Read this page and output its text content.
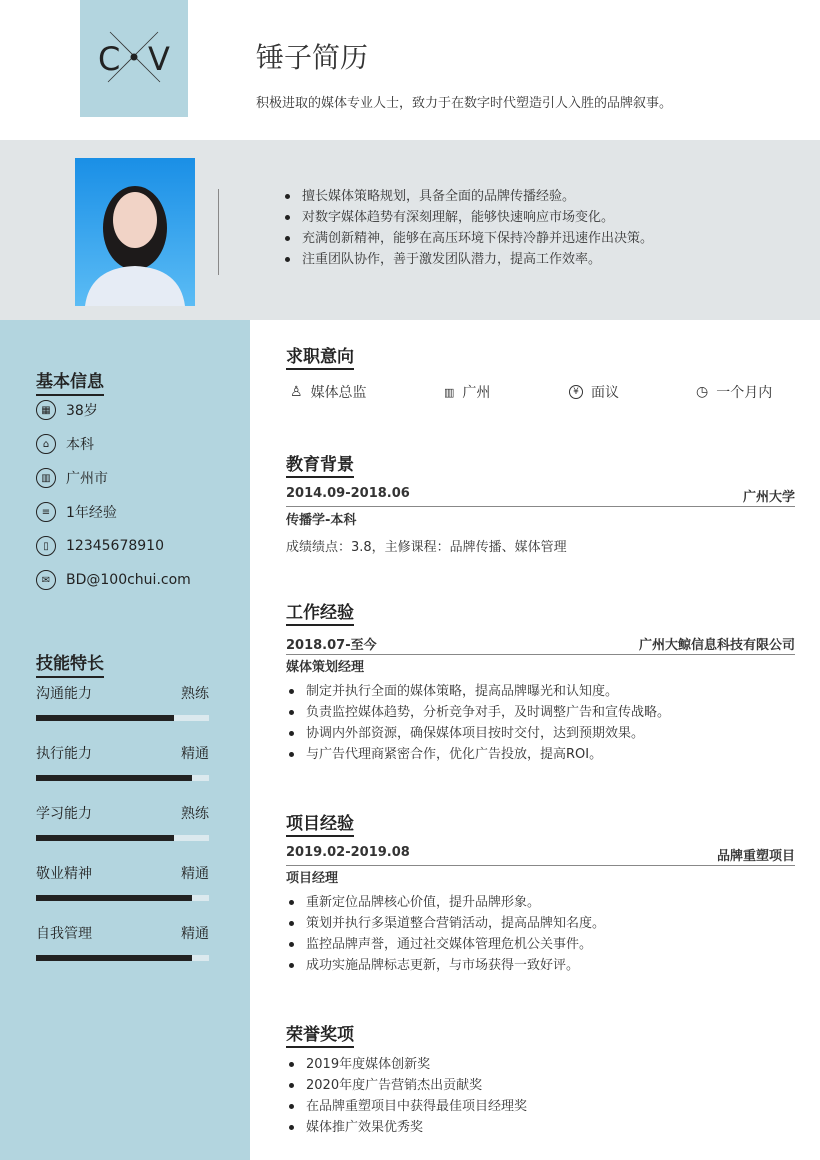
C V	锤子简历
积极进取的媒体专业人士，致力于在数字时代塑造引人入胜的品牌叙事。
擅长媒体策略规划，具备全面的品牌传播经验。
对数字媒体趋势有深刻理解，能够快速响应市场变化。
充满创新精神，能够在高压环境下保持冷静并迅速作出决策。
注重团队协作，善于激发团队潜力，提高工作效率。
基本信息
▦	38岁
⌂	本科
▥	广州市
≡	1年经验
▯	12345678910
✉	BD@100chui.com
技能特长
沟通能力	熟练
执行能力	精通
学习能力	熟练
敬业精神	精通
自我管理	精通
求职意向
♙ 媒体总监	▥ 广州	¥ 面议	◷ 一个月内
教育背景
2014.09-2018.06	广州大学
传播学-本科
成绩绩点：3.8，主修课程：品牌传播、媒体管理
工作经验
2018.07-至今	广州大鲸信息科技有限公司
媒体策划经理
制定并执行全面的媒体策略，提高品牌曝光和认知度。
负责监控媒体趋势，分析竞争对手，及时调整广告和宣传战略。
协调内外部资源，确保媒体项目按时交付，达到预期效果。
与广告代理商紧密合作，优化广告投放，提高ROI。
项目经验
2019.02-2019.08	品牌重塑项目
项目经理
重新定位品牌核心价值，提升品牌形象。
策划并执行多渠道整合营销活动，提高品牌知名度。
监控品牌声誉，通过社交媒体管理危机公关事件。
成功实施品牌标志更新，与市场获得一致好评。
荣誉奖项
2019年度媒体创新奖
2020年度广告营销杰出贡献奖
在品牌重塑项目中获得最佳项目经理奖
媒体推广效果优秀奖
